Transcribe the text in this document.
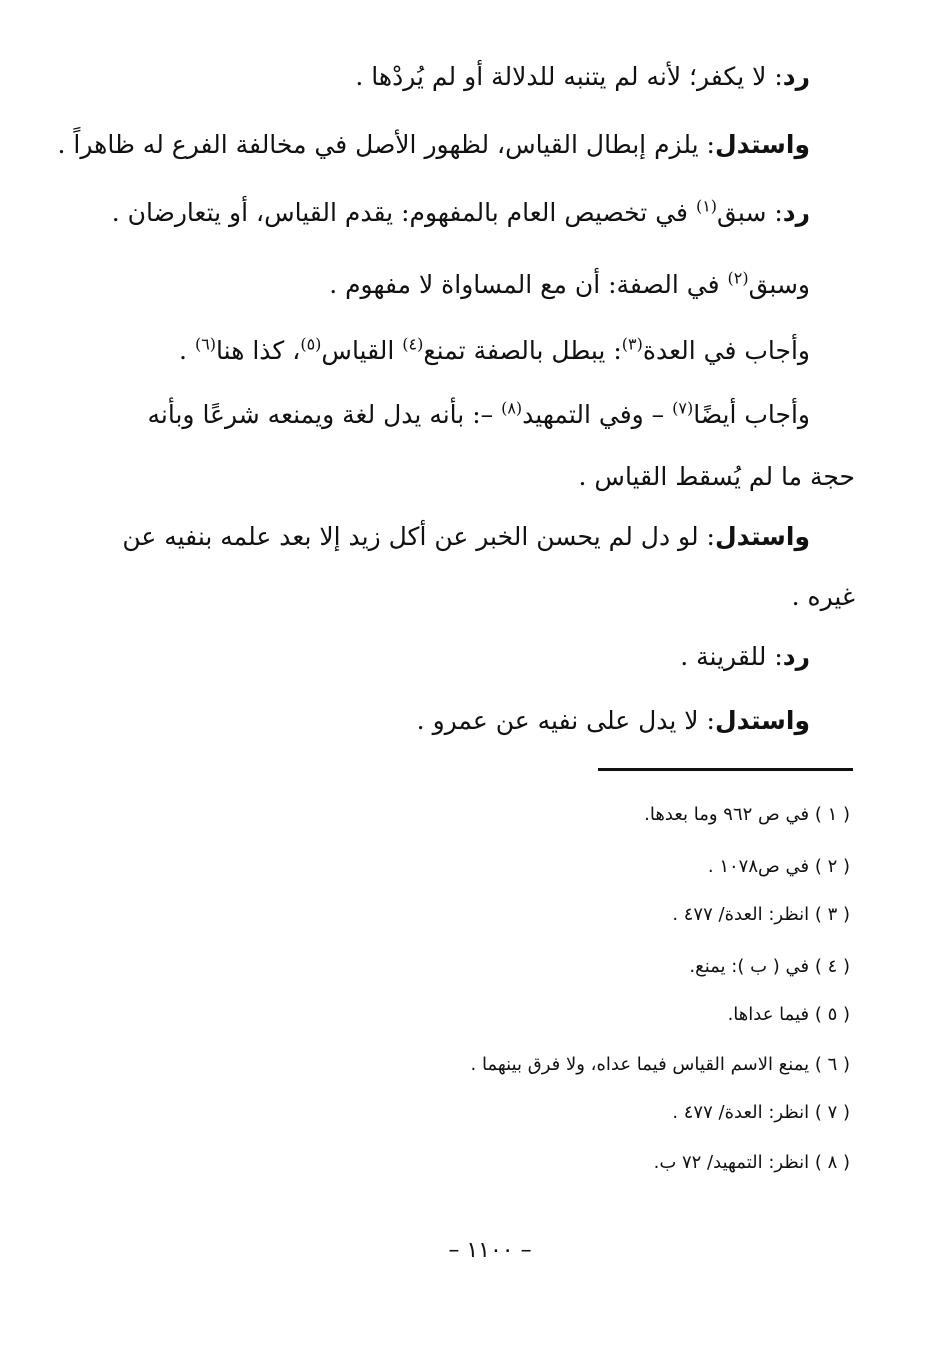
رد: لا يكفر؛ لأنه لم يتنبه للدلالة أو لم يُردْها .
واستدل: يلزم إبطال القياس، لظهور الأصل في مخالفة الفرع له ظاهراً .
رد: سبق$^{(١)}$ في تخصيص العام بالمفهوم: يقدم القياس، أو يتعارضان .
وسبق$^{(٢)}$ في الصفة: أن مع المساواة لا مفهوم .
وأجاب في العدة$^{(٣)}$: يبطل بالصفة تمنع$^{(٤)}$ القياس$^{(٥)}$، كذا هنا$^{(٦)}$ .
وأجاب أيضًا$^{(٧)}$ – وفي التمهيد$^{(٨)}$ –: بأنه يدل لغة ويمنعه شرعًا وبأنه
حجة ما لم يُسقط القياس .
واستدل: لو دل لم يحسن الخبر عن أكل زيد إلا بعد علمه بنفيه عن
غيره .
رد: للقرينة .
واستدل: لا يدل على نفيه عن عمرو .
( ١ ) في ص ٩٦٢ وما بعدها.
( ٢ ) في ص١٠٧٨ .
( ٣ ) انظر: العدة/ ٤٧٧ .
( ٤ ) في ( ب ): يمنع.
( ٥ ) فيما عداها.
( ٦ ) يمنع الاسم القياس فيما عداه، ولا فرق بينهما .
( ٧ ) انظر: العدة/ ٤٧٧ .
( ٨ ) انظر: التمهيد/ ٧٢ ب.
– ١١٠٠ –
